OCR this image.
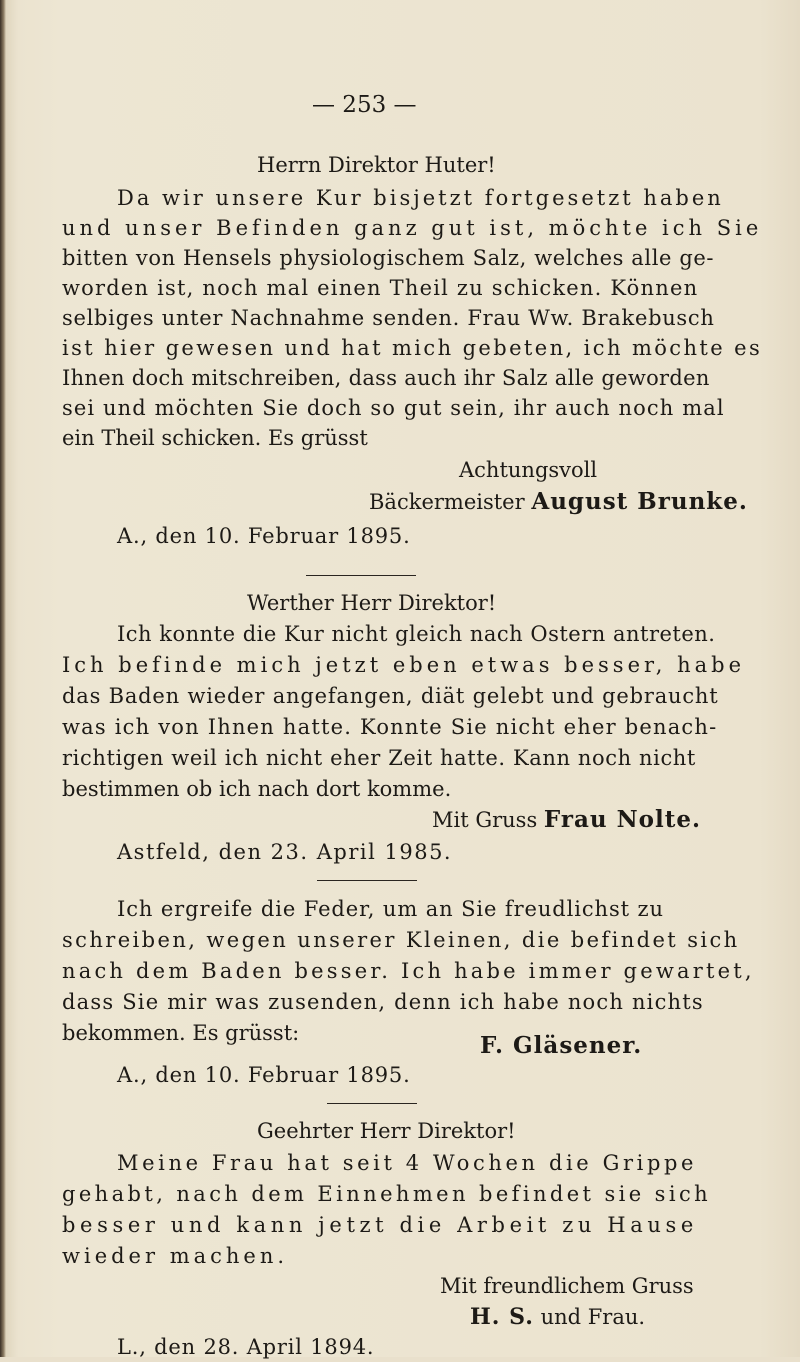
— 253 —
Herrn Direktor Huter!
Da wir unsere Kur bisjetzt fortgesetzt haben
und unser Befinden ganz gut ist, möchte ich Sie
bitten von Hensels physiologischem Salz, welches alle ge-
worden ist, noch mal einen Theil zu schicken. Können
selbiges unter Nachnahme senden. Frau Ww. Brakebusch
ist hier gewesen und hat mich gebeten, ich möchte es
Ihnen doch mitschreiben, dass auch ihr Salz alle geworden
sei und möchten Sie doch so gut sein, ihr auch noch mal
ein Theil schicken. Es grüsst
Achtungsvoll
Bäckermeister August Brunke.
A., den 10. Februar 1895.
Werther Herr Direktor!
Ich konnte die Kur nicht gleich nach Ostern antreten.
Ich befinde mich jetzt eben etwas besser, habe
das Baden wieder angefangen, diät gelebt und gebraucht
was ich von Ihnen hatte. Konnte Sie nicht eher benach-
richtigen weil ich nicht eher Zeit hatte. Kann noch nicht
bestimmen ob ich nach dort komme.
Mit Gruss Frau Nolte.
Astfeld, den 23. April 1985.
Ich ergreife die Feder, um an Sie freudlichst zu
schreiben, wegen unserer Kleinen, die befindet sich
nach dem Baden besser. Ich habe immer gewartet,
dass Sie mir was zusenden, denn ich habe noch nichts
bekommen. Es grüsst:	F. Gläsener.
A., den 10. Februar 1895.
Geehrter Herr Direktor!
Meine Frau hat seit 4 Wochen die Grippe
gehabt, nach dem Einnehmen befindet sie sich
besser und kann jetzt die Arbeit zu Hause
wieder machen.
Mit freundlichem Gruss
H. S. und Frau.
L., den 28. April 1894.
